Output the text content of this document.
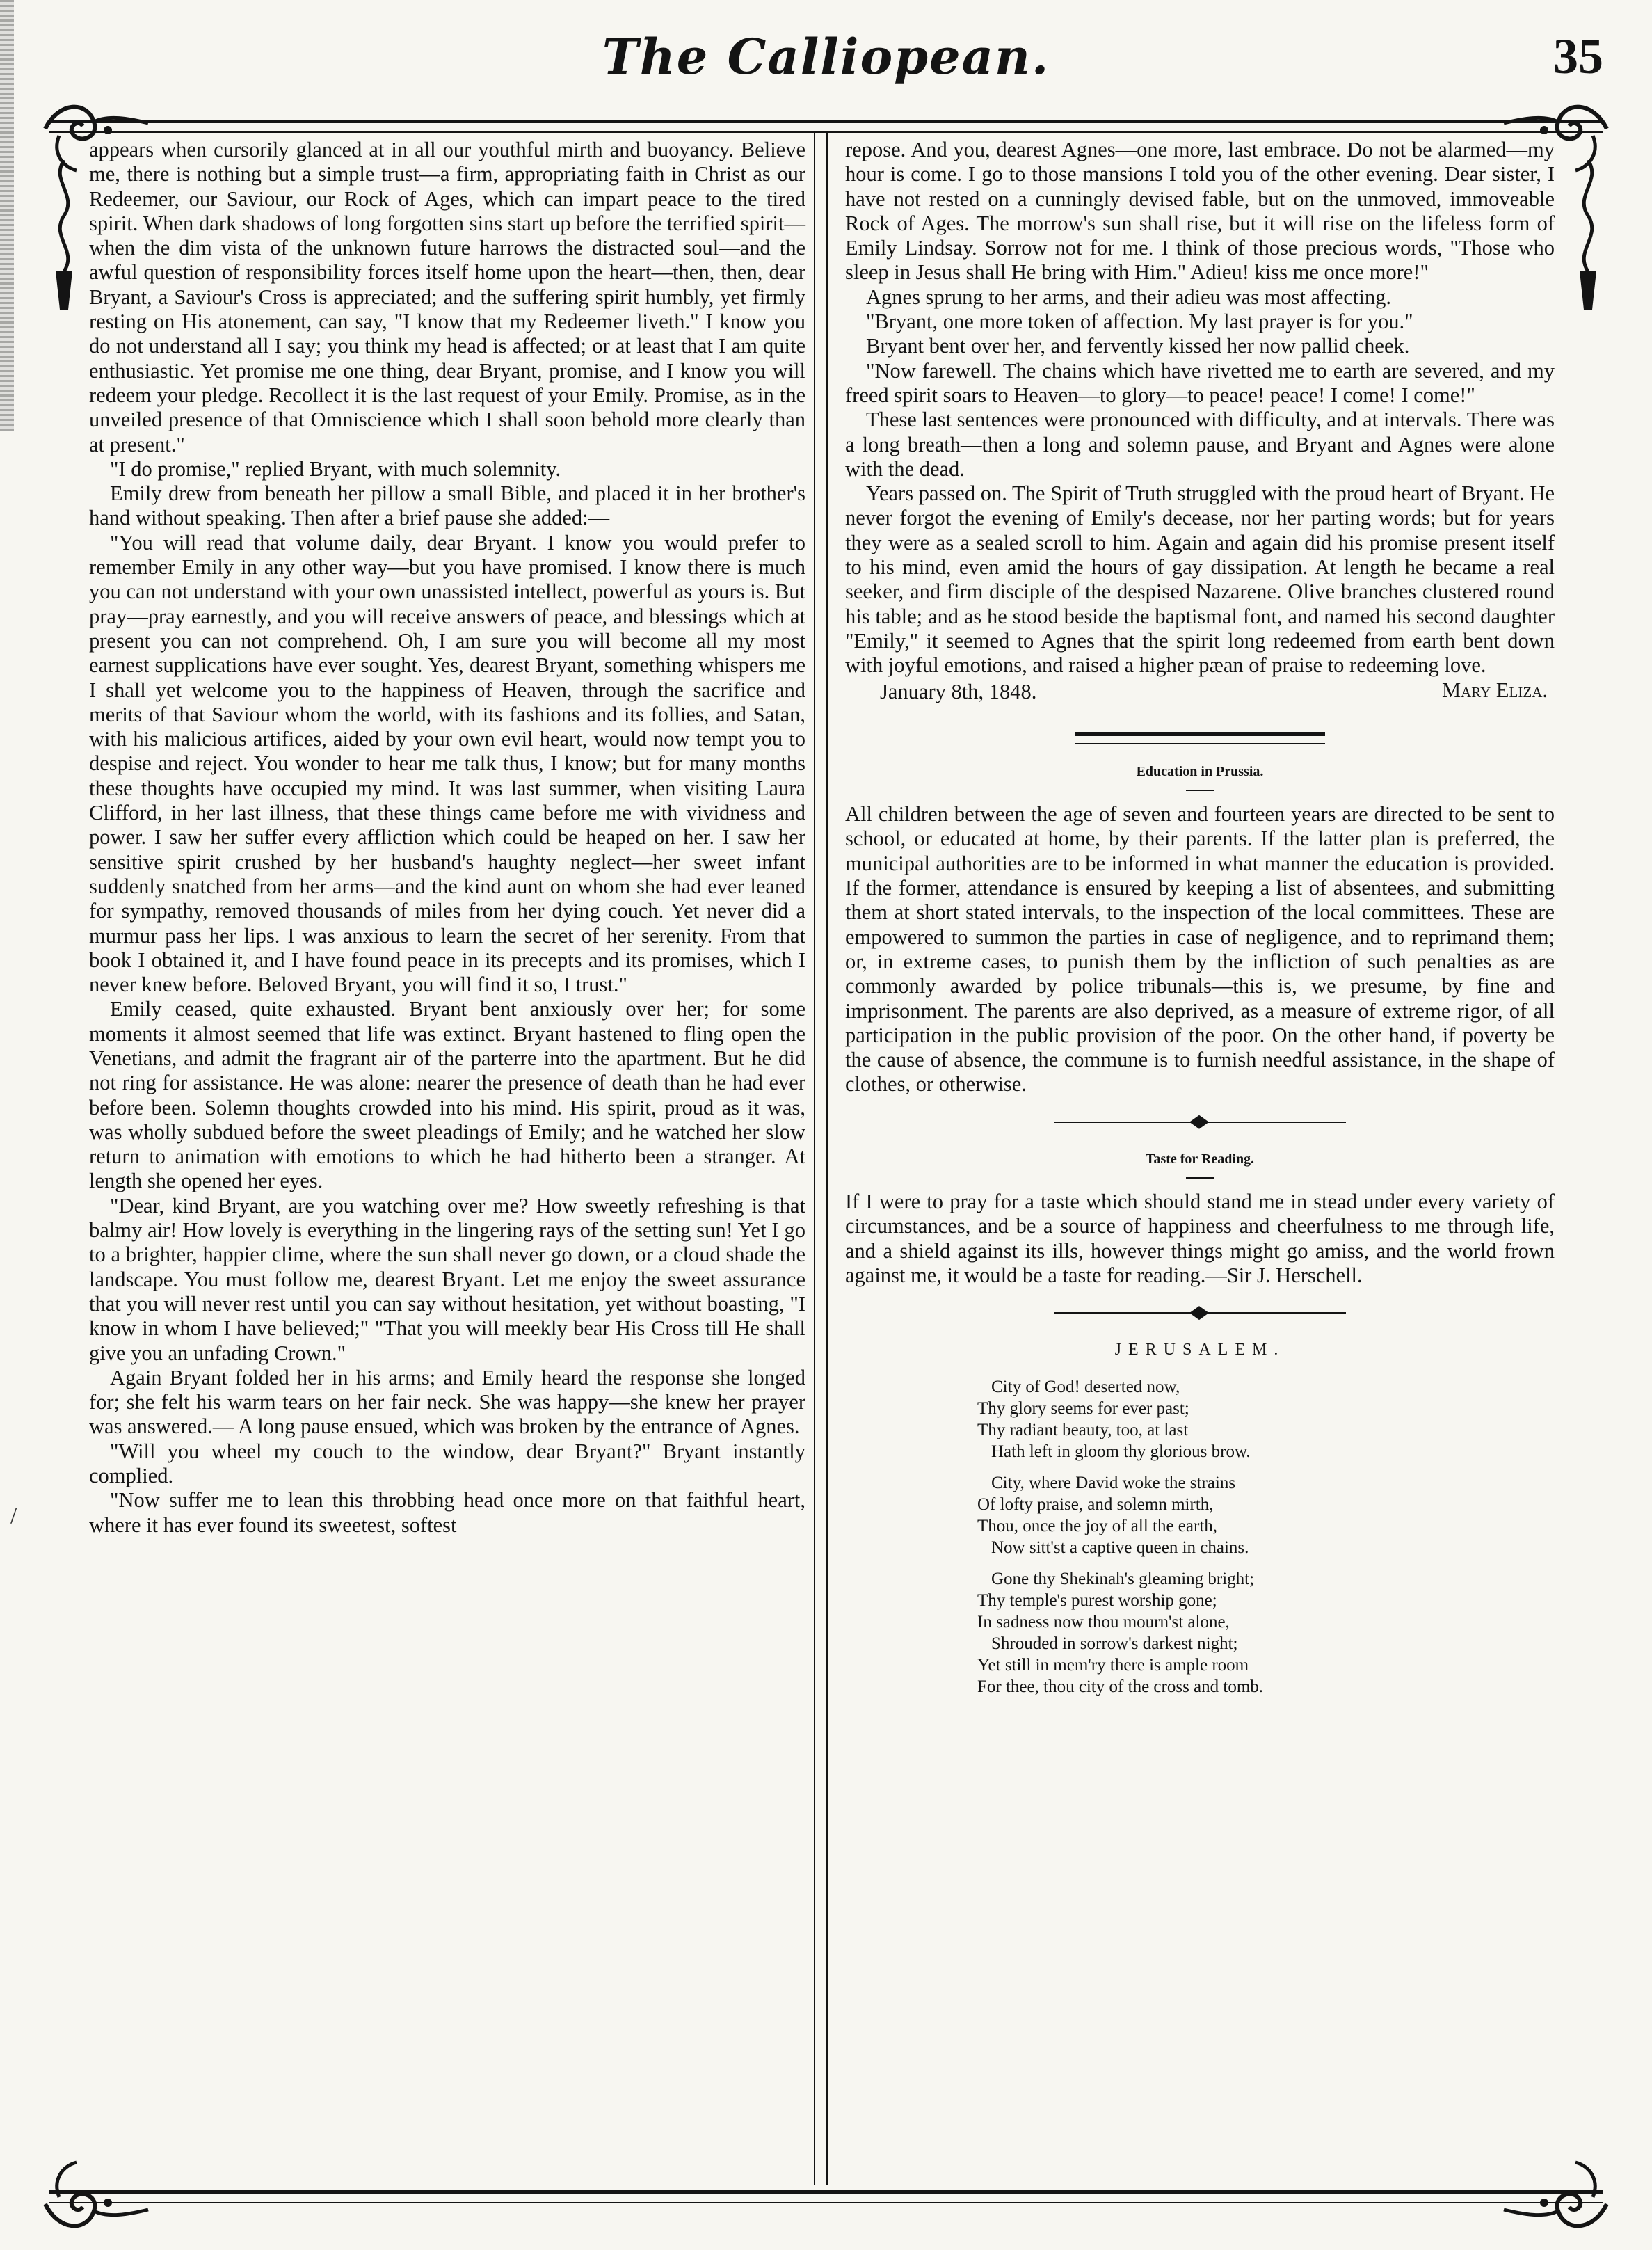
The Calliopean.	35
/

appears when cursorily glanced at in all our youthful mirth and buoyancy. Believe me, there is nothing but a simple trust—a firm, appropriating faith in Christ as our Redeemer, our Saviour, our Rock of Ages, which can impart peace to the tired spirit. When dark shadows of long forgotten sins start up before the terrified spirit—when the dim vista of the unknown future harrows the distracted soul—and the awful question of responsibility forces itself home upon the heart—then, then, dear Bryant, a Saviour's Cross is appreciated; and the suffering spirit humbly, yet firmly resting on His atonement, can say, "I know that my Redeemer liveth." I know you do not understand all I say; you think my head is affected; or at least that I am quite enthusiastic. Yet promise me one thing, dear Bryant, promise, and I know you will redeem your pledge. Recollect it is the last request of your Emily. Promise, as in the unveiled presence of that Omniscience which I shall soon behold more clearly than at present."

"I do promise," replied Bryant, with much solemnity.

Emily drew from beneath her pillow a small Bible, and placed it in her brother's hand without speaking. Then after a brief pause she added:—

"You will read that volume daily, dear Bryant. I know you would prefer to remember Emily in any other way—but you have promised. I know there is much you can not understand with your own unassisted intellect, powerful as yours is. But pray—pray earnestly, and you will receive answers of peace, and blessings which at present you can not comprehend. Oh, I am sure you will become all my most earnest supplications have ever sought. Yes, dearest Bryant, something whispers me I shall yet welcome you to the happiness of Heaven, through the sacrifice and merits of that Saviour whom the world, with its fashions and its follies, and Satan, with his malicious artifices, aided by your own evil heart, would now tempt you to despise and reject. You wonder to hear me talk thus, I know; but for many months these thoughts have occupied my mind. It was last summer, when visiting Laura Clifford, in her last illness, that these things came before me with vividness and power. I saw her suffer every affliction which could be heaped on her. I saw her sensitive spirit crushed by her husband's haughty neglect—her sweet infant suddenly snatched from her arms—and the kind aunt on whom she had ever leaned for sympathy, removed thousands of miles from her dying couch. Yet never did a murmur pass her lips. I was anxious to learn the secret of her serenity. From that book I obtained it, and I have found peace in its precepts and its promises, which I never knew before. Beloved Bryant, you will find it so, I trust."

Emily ceased, quite exhausted. Bryant bent anxiously over her; for some moments it almost seemed that life was extinct. Bryant hastened to fling open the Venetians, and admit the fragrant air of the parterre into the apartment. But he did not ring for assistance. He was alone: nearer the presence of death than he had ever before been. Solemn thoughts crowded into his mind. His spirit, proud as it was, was wholly subdued before the sweet pleadings of Emily; and he watched her slow return to animation with emotions to which he had hitherto been a stranger. At length she opened her eyes.

"Dear, kind Bryant, are you watching over me? How sweetly refreshing is that balmy air! How lovely is everything in the lingering rays of the setting sun! Yet I go to a brighter, happier clime, where the sun shall never go down, or a cloud shade the landscape. You must follow me, dearest Bryant. Let me enjoy the sweet assurance that you will never rest until you can say without hesitation, yet without boasting, "I know in whom I have believed;" "That you will meekly bear His Cross till He shall give you an unfading Crown."

Again Bryant folded her in his arms; and Emily heard the response she longed for; she felt his warm tears on her fair neck. She was happy—she knew her prayer was answered.— A long pause ensued, which was broken by the entrance of Agnes.

"Will you wheel my couch to the window, dear Bryant?" Bryant instantly complied.

"Now suffer me to lean this throbbing head once more on that faithful heart, where it has ever found its sweetest, softest

repose. And you, dearest Agnes—one more, last embrace. Do not be alarmed—my hour is come. I go to those mansions I told you of the other evening. Dear sister, I have not rested on a cunningly devised fable, but on the unmoved, immoveable Rock of Ages. The morrow's sun shall rise, but it will rise on the lifeless form of Emily Lindsay. Sorrow not for me. I think of those precious words, "Those who sleep in Jesus shall He bring with Him." Adieu! kiss me once more!"

Agnes sprung to her arms, and their adieu was most affecting.

"Bryant, one more token of affection. My last prayer is for you."

Bryant bent over her, and fervently kissed her now pallid cheek.

"Now farewell. The chains which have rivetted me to earth are severed, and my freed spirit soars to Heaven—to glory—to peace! peace! I come! I come!"

These last sentences were pronounced with difficulty, and at intervals. There was a long breath—then a long and solemn pause, and Bryant and Agnes were alone with the dead.

Years passed on. The Spirit of Truth struggled with the proud heart of Bryant. He never forgot the evening of Emily's decease, nor her parting words; but for years they were as a sealed scroll to him. Again and again did his promise present itself to his mind, even amid the hours of gay dissipation. At length he became a real seeker, and firm disciple of the despised Nazarene. Olive branches clustered round his table; and as he stood beside the baptismal font, and named his second daughter "Emily," it seemed to Agnes that the spirit long redeemed from earth bent down with joyful emotions, and raised a higher pæan of praise to redeeming love.
Mary Eliza.

January 8th, 1848.

Education in Prussia.

All children between the age of seven and fourteen years are directed to be sent to school, or educated at home, by their parents. If the latter plan is preferred, the municipal authorities are to be informed in what manner the education is provided. If the former, attendance is ensured by keeping a list of absentees, and submitting them at short stated intervals, to the inspection of the local committees. These are empowered to summon the parties in case of negligence, and to reprimand them; or, in extreme cases, to punish them by the infliction of such penalties as are commonly awarded by police tribunals—this is, we presume, by fine and imprisonment. The parents are also deprived, as a measure of extreme rigor, of all participation in the public provision of the poor. On the other hand, if poverty be the cause of absence, the commune is to furnish needful assistance, in the shape of clothes, or otherwise.

Taste for Reading.

If I were to pray for a taste which should stand me in stead under every variety of circumstances, and be a source of happiness and cheerfulness to me through life, and a shield against its ills, however things might go amiss, and the world frown against me, it would be a taste for reading.—Sir J. Herschell.

JERUSALEM.
City of God! deserted now,
Thy glory seems for ever past;
Thy radiant beauty, too, at last
Hath left in gloom thy glorious brow.
City, where David woke the strains
Of lofty praise, and solemn mirth,
Thou, once the joy of all the earth,
Now sitt'st a captive queen in chains.
Gone thy Shekinah's gleaming bright;
Thy temple's purest worship gone;
In sadness now thou mourn'st alone,
Shrouded in sorrow's darkest night;
Yet still in mem'ry there is ample room
For thee, thou city of the cross and tomb.
